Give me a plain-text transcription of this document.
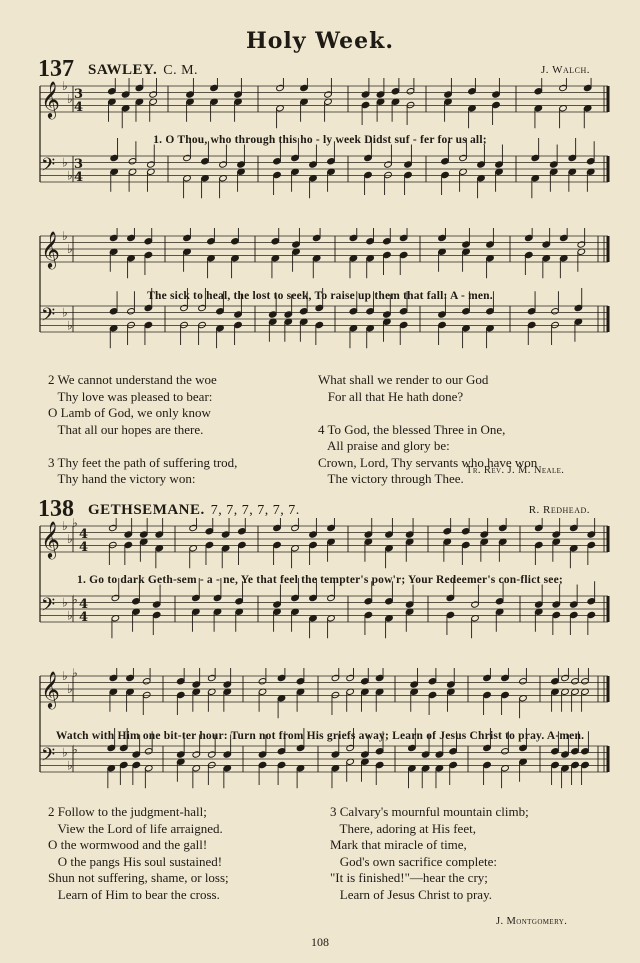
Holy Week.
137 SAWLEY. C. M.	J. Walch.
𝄞 ♭
♭ 3
4
𝄢 ♭
♭
3
4
1. O Thou, who through this ho - ly week Didst suf - fer for us all;
𝄞 ♭
♭
𝄢 ♭
♭
The sick to heal, the lost to seek, To raise up them that fall: A - men.
2 We cannot understand the woe
Thy love was pleased to bear:
O Lamb of God, we only know
That all our hopes are there.

3 Thy feet the path of suffering trod,
Thy hand the victory won:
What shall we render to our God
For all that He hath done?

4 To God, the blessed Three in One,
All praise and glory be:
Crown, Lord, Thy servants who have won
The victory through Thee.
Tr. Rev. J. M. Neale.
138 GETHSEMANE. 7, 7, 7, 7, 7, 7.	R. Redhead.
𝄞 ♭
♭
♭
4
4
𝄢 ♭
♭
♭ 4
4
1. Go to dark Geth-sem - a - ne, Ye that feel the tempter's pow'r; Your Redeemer's con-flict see;
𝄞 ♭
♭
♭
𝄢 ♭
♭
♭
Watch with Him one bit-ter hour: Turn not from His griefs away; Learn of Jesus Christ to pray. A-men.
2 Follow to the judgment-hall;
View the Lord of life arraigned.
O the wormwood and the gall!
O the pangs His soul sustained!
Shun not suffering, shame, or loss;
Learn of Him to bear the cross.
3 Calvary's mournful mountain climb;
There, adoring at His feet,
Mark that miracle of time,
God's own sacrifice complete:
"It is finished!"—hear the cry;
Learn of Jesus Christ to pray.
J. Montgomery.
108
